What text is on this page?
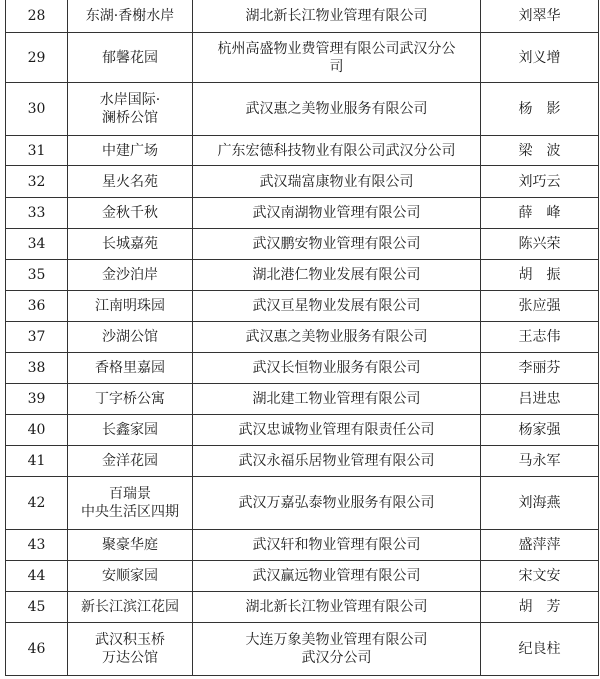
28	东湖·香榭水岸	湖北新长江物业管理有限公司	刘翠华
29	郁馨花园	杭州高盛物业费管理有限公司武汉分公
司	刘义增
30	水岸国际·
澜桥公馆	武汉惠之美物业服务有限公司	杨　影
31	中建广场	广东宏德科技物业有限公司武汉分公司	梁　波
32	星火名苑	武汉瑞富康物业有限公司	刘巧云
33	金秋千秋	武汉南湖物业管理有限公司	薛　峰
34	长城嘉苑	武汉鹏安物业管理有限公司	陈兴荣
35	金沙泊岸	湖北港仁物业发展有限公司	胡　振
36	江南明珠园	武汉亘星物业发展有限公司	张应强
37	沙湖公馆	武汉惠之美物业服务有限公司	王志伟
38	香格里嘉园	武汉长恒物业服务有限公司	李丽芬
39	丁字桥公寓	湖北建工物业管理有限公司	吕进忠
40	长鑫家园	武汉忠诚物业管理有限责任公司	杨家强
41	金洋花园	武汉永福乐居物业管理有限公司	马永军
42	百瑞景
中央生活区四期	武汉万嘉弘泰物业服务有限公司	刘海燕
43	聚豪华庭	武汉轩和物业管理有限公司	盛萍萍
44	安顺家园	武汉赢远物业管理有限公司	宋文安
45	新长江滨江花园	湖北新长江物业管理有限公司	胡　芳
46	武汉积玉桥
万达公馆	大连万象美物业管理有限公司
武汉分公司	纪良柱
